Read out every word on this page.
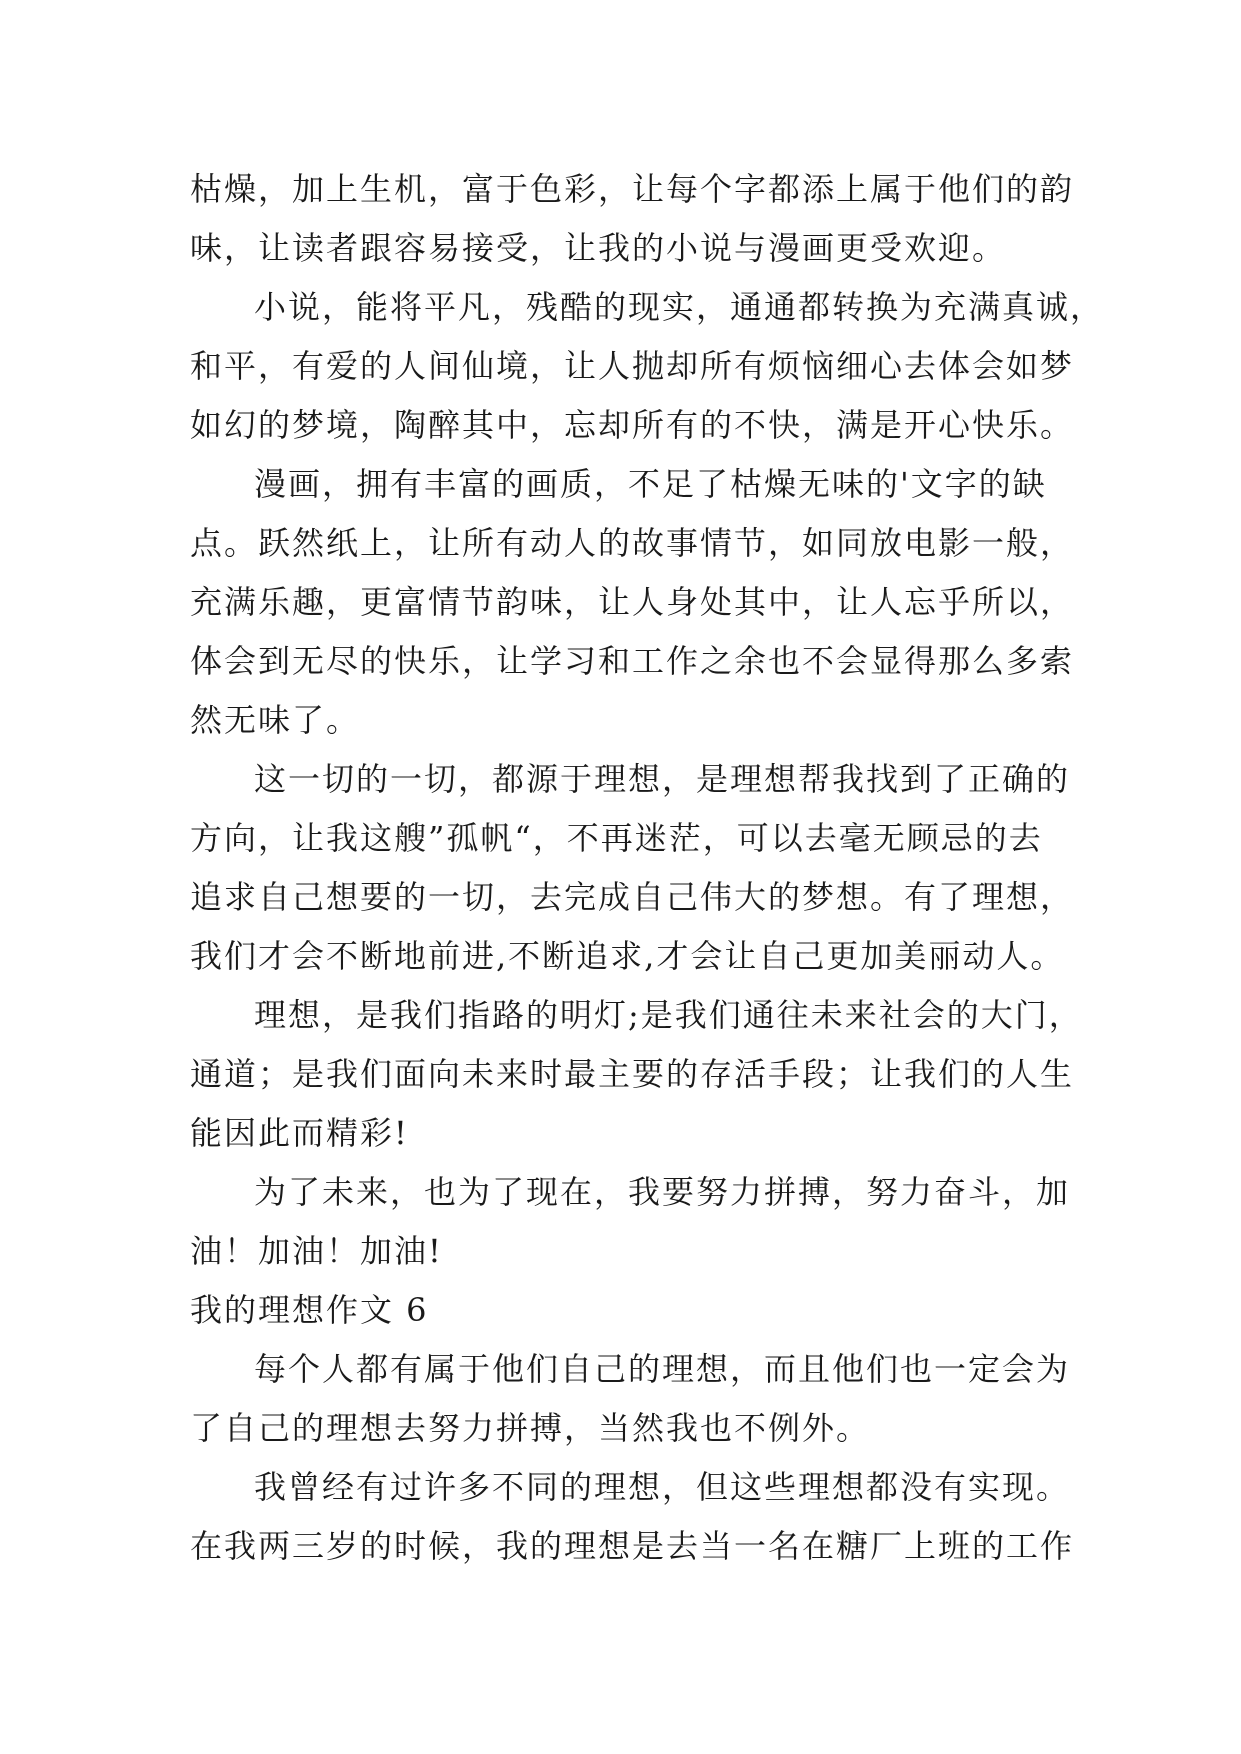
枯燥，加上生机，富于色彩，让每个字都添上属于他们的韵
味，让读者跟容易接受，让我的小说与漫画更受欢迎。

小说，能将平凡，残酷的现实，通通都转换为充满真诚，
和平，有爱的人间仙境，让人抛却所有烦恼细心去体会如梦
如幻的梦境，陶醉其中，忘却所有的不快，满是开心快乐。

漫画，拥有丰富的画质，不足了枯燥无味的'文字的缺
点。跃然纸上，让所有动人的故事情节，如同放电影一般，
充满乐趣，更富情节韵味，让人身处其中，让人忘乎所以，
体会到无尽的快乐，让学习和工作之余也不会显得那么多索
然无味了。

这一切的一切，都源于理想，是理想帮我找到了正确的
方向，让我这艘”孤帆“，不再迷茫，可以去毫无顾忌的去
追求自己想要的一切，去完成自己伟大的梦想。有了理想，
我们才会不断地前进,不断追求,才会让自己更加美丽动人。

理想，是我们指路的明灯;是我们通往未来社会的大门，
通道；是我们面向未来时最主要的存活手段；让我们的人生
能因此而精彩!

为了未来，也为了现在，我要努力拼搏，努力奋斗，加
油！加油！加油!

我的理想作文 6

每个人都有属于他们自己的理想，而且他们也一定会为
了自己的理想去努力拼搏，当然我也不例外。

我曾经有过许多不同的理想，但这些理想都没有实现。
在我两三岁的时候，我的理想是去当一名在糖厂上班的工作
